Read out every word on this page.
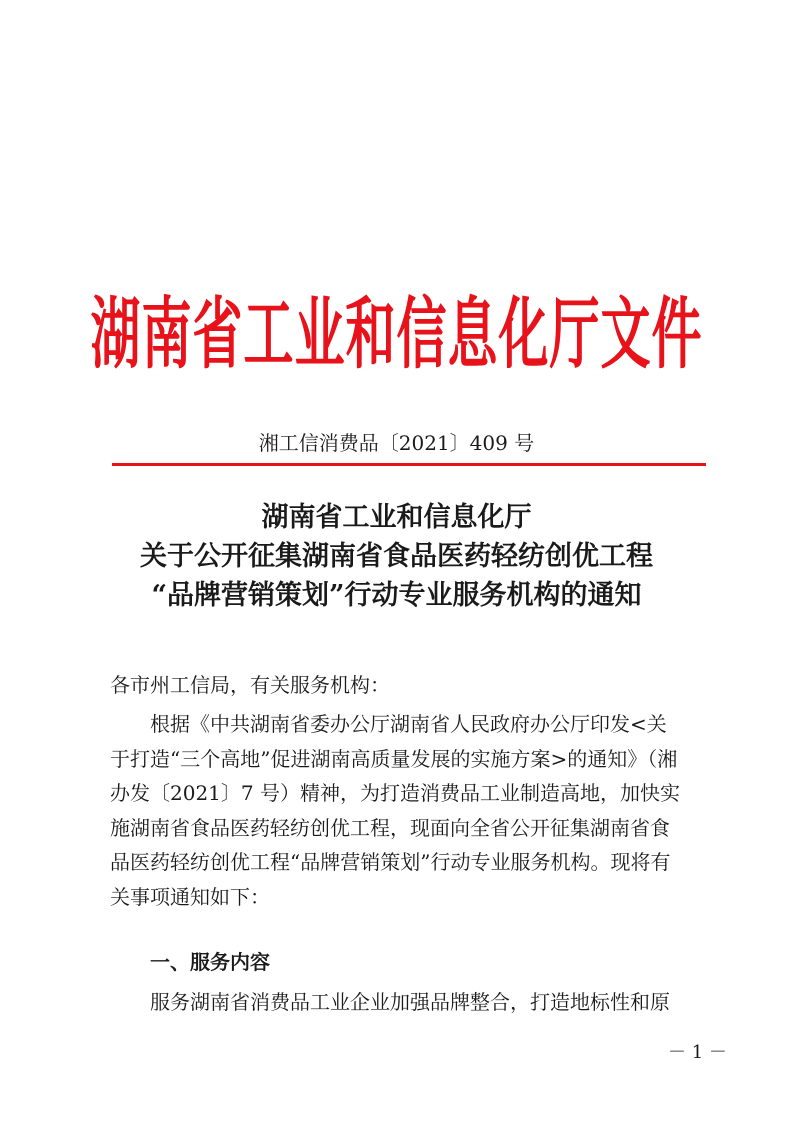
湖南省工业和信息化厅文件
湘工信消费品〔2021〕409 号
湖南省工业和信息化厅
关于公开征集湖南省食品医药轻纺创优工程
“品牌营销策划”行动专业服务机构的通知
各市州工信局，有关服务机构：
根据《中共湖南省委办公厅湖南省人民政府办公厅印发<关
于打造“三个高地”促进湖南高质量发展的实施方案>的通知》（湘
办发〔2021〕7 号）精神，为打造消费品工业制造高地，加快实
施湖南省食品医药轻纺创优工程，现面向全省公开征集湖南省食
品医药轻纺创优工程“品牌营销策划”行动专业服务机构。现将有
关事项通知如下：
一、服务内容
服务湖南省消费品工业企业加强品牌整合，打造地标性和原
－ 1 －
